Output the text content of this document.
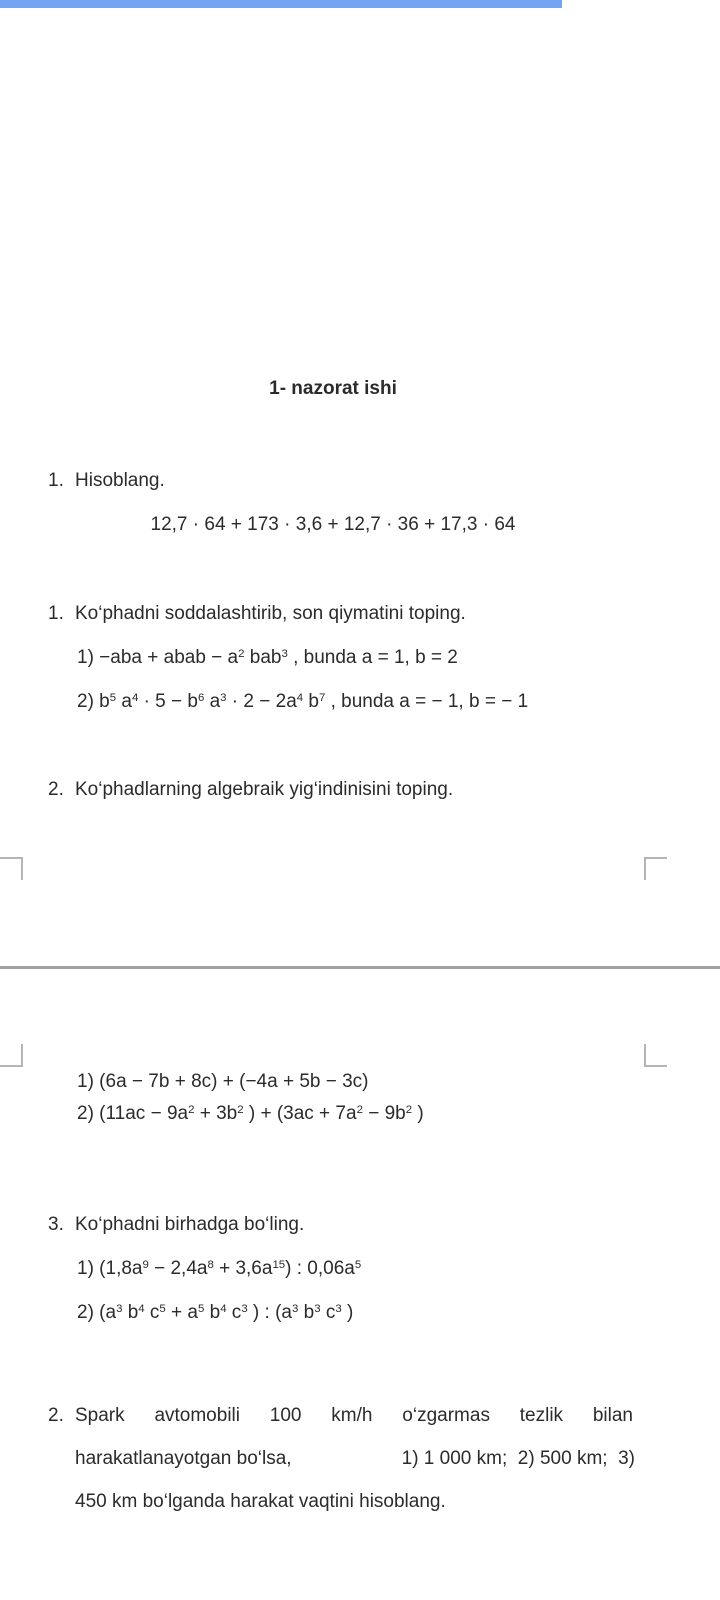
1- nazorat ishi
1. Hisoblang.
12,7 · 64 + 173 · 3,6 + 12,7 · 36 + 17,3 · 64
1. Ko‘phadni soddalashtirib, son qiymatini toping.
1) −aba + abab − $a^2$ bab$^3$ , bunda a = 1, b = 2
2) $b^5$ $a^4 \cdot 5 - b^6$ $a^3 \cdot 2 - 2a^4$ $b^7$ , bunda a = − 1, b = − 1
2. Ko‘phadlarning algebraik yig‘indinisini toping.
1) (6a − 7b + 8c) + (−4a + 5b − 3c)
2) ($11ac - 9a^2 + 3b^2$ ) + ($3ac + 7a^2 - 9b^2$ )
3. Ko‘phadni birhadga bo‘ling.
1) $(1,8a^9 - 2,4a^8 + 3,6a^{15})$ : $0,06a^5$
2) ($a^3$ $b^4$ $c^5 + a^5$ $b^4$ $c^3$ ) : ($a^3$ $b^3$ $c^3$ )
2. Spark avtomobili 100 km/h o‘zgarmas tezlik bilan
harakatlanayotgan bo‘lsa,	1) 1 000 km;  2) 500 km;  3)
450 km bo‘lganda harakat vaqtini hisoblang.
